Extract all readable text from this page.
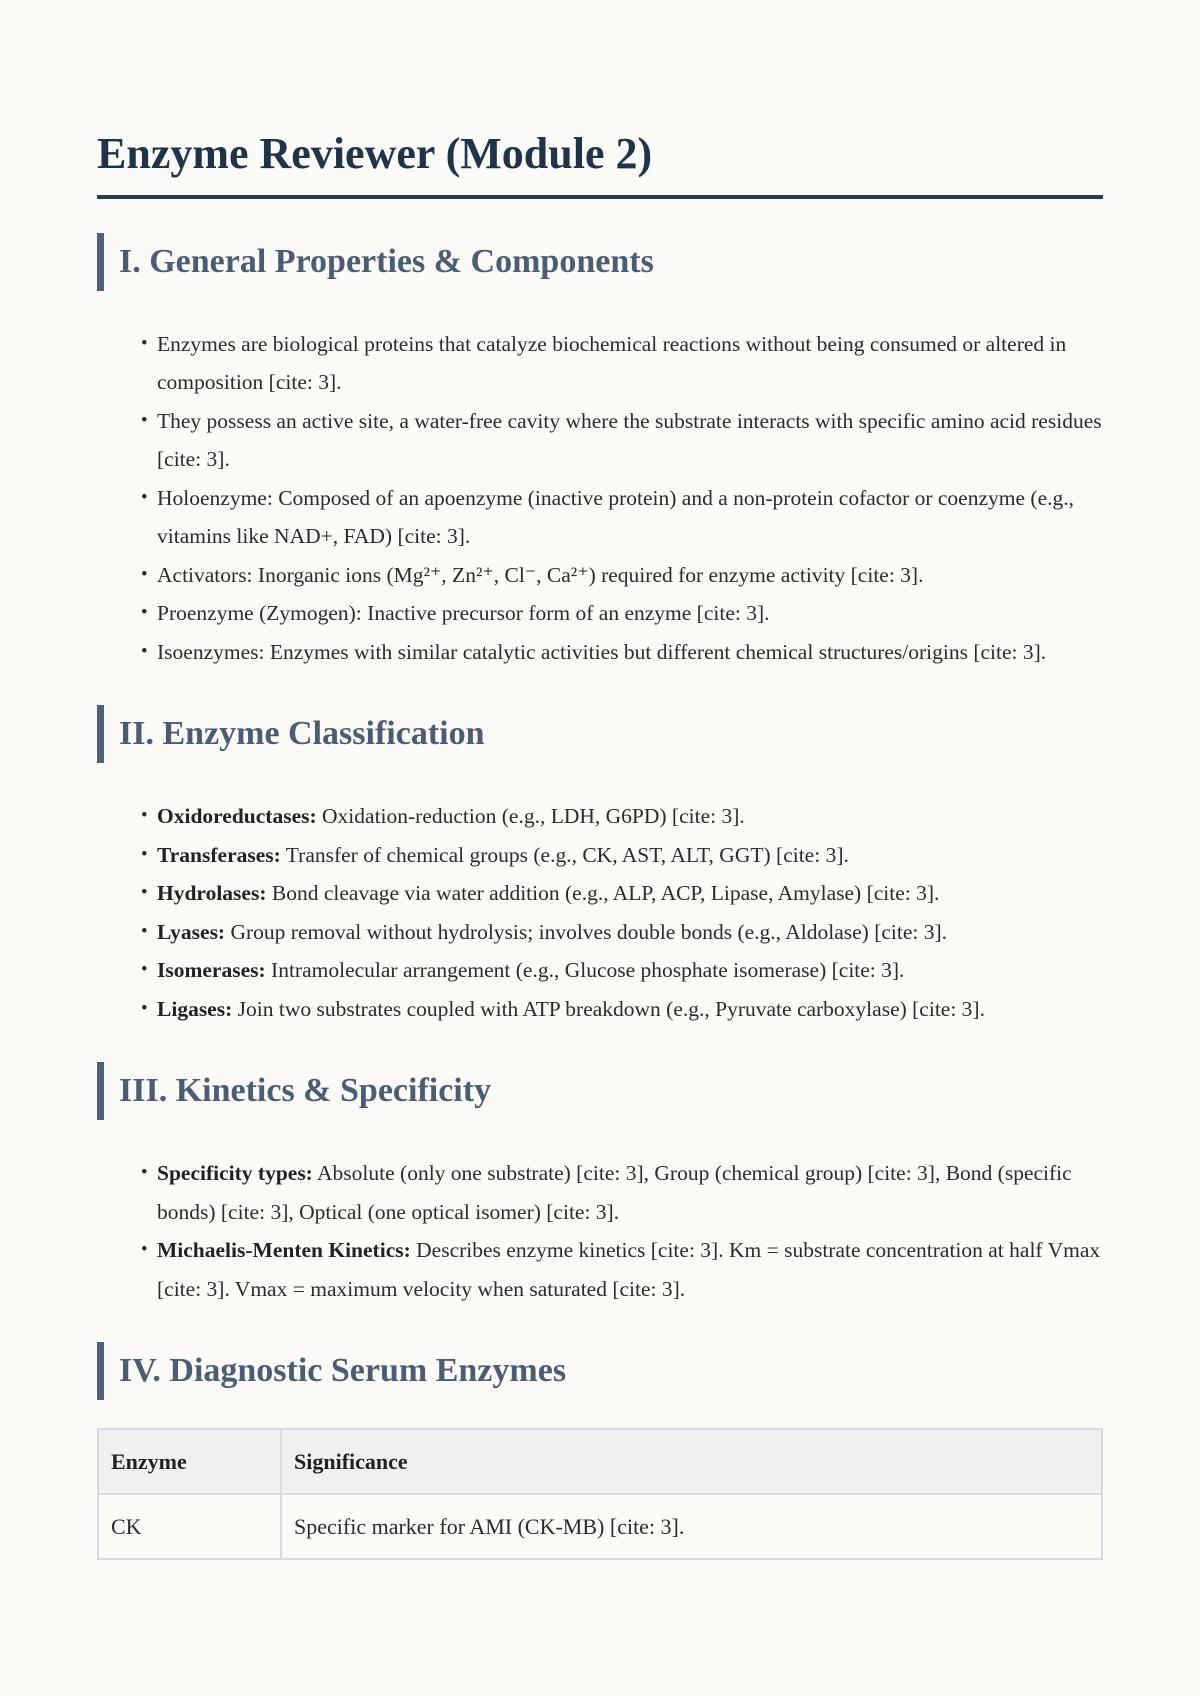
Enzyme Reviewer (Module 2)
I. General Properties & Components
• Enzymes are biological proteins that catalyze biochemical reactions without being consumed or altered in composition [cite: 3].
• They possess an active site, a water-free cavity where the substrate interacts with specific amino acid residues [cite: 3].
• Holoenzyme: Composed of an apoenzyme (inactive protein) and a non-protein cofactor or coenzyme (e.g., vitamins like NAD+, FAD) [cite: 3].
• Activators: Inorganic ions (Mg²⁺, Zn²⁺, Cl⁻, Ca²⁺) required for enzyme activity [cite: 3].
• Proenzyme (Zymogen): Inactive precursor form of an enzyme [cite: 3].
• Isoenzymes: Enzymes with similar catalytic activities but different chemical structures/origins [cite: 3].
II. Enzyme Classification
• Oxidoreductases: Oxidation-reduction (e.g., LDH, G6PD) [cite: 3].
• Transferases: Transfer of chemical groups (e.g., CK, AST, ALT, GGT) [cite: 3].
• Hydrolases: Bond cleavage via water addition (e.g., ALP, ACP, Lipase, Amylase) [cite: 3].
• Lyases: Group removal without hydrolysis; involves double bonds (e.g., Aldolase) [cite: 3].
• Isomerases: Intramolecular arrangement (e.g., Glucose phosphate isomerase) [cite: 3].
• Ligases: Join two substrates coupled with ATP breakdown (e.g., Pyruvate carboxylase) [cite: 3].
III. Kinetics & Specificity
• Specificity types: Absolute (only one substrate) [cite: 3], Group (chemical group) [cite: 3], Bond (specific bonds) [cite: 3], Optical (one optical isomer) [cite: 3].
• Michaelis-Menten Kinetics: Describes enzyme kinetics [cite: 3]. Km = substrate concentration at half Vmax [cite: 3]. Vmax = maximum velocity when saturated [cite: 3].
IV. Diagnostic Serum Enzymes
Enzyme	Significance
CK	Specific marker for AMI (CK-MB) [cite: 3].
